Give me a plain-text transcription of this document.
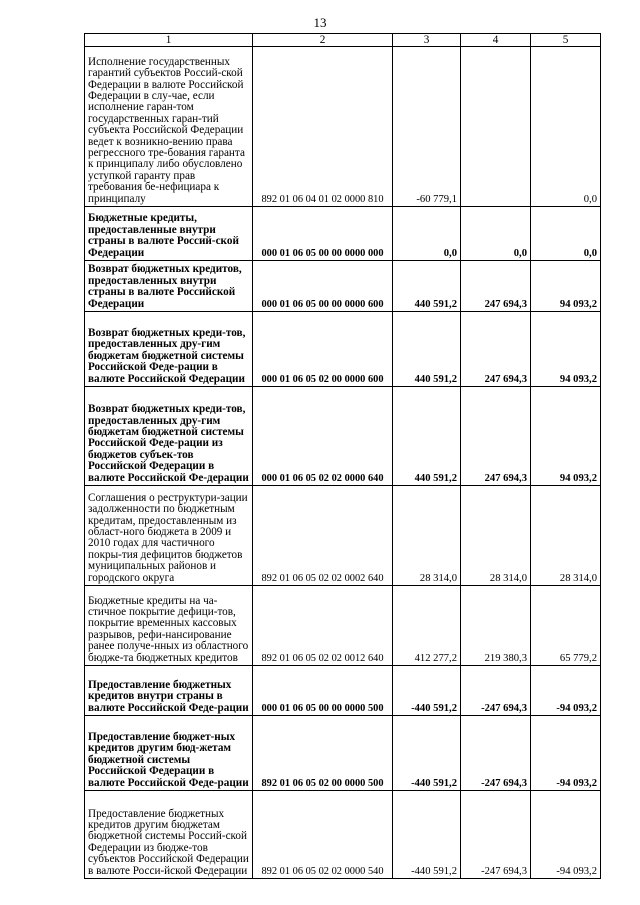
13
1	2	3	4	5
Исполнение государственных гарантий субъектов Россий-ской Федерации в валюте Российской Федерации в слу-чае, если исполнение гаран-том государственных гаран-тий субъекта Российской Федерации ведет к возникно-вению права регрессного тре-бования гаранта к принципалу либо обусловлено уступкой гаранту прав требования бе-нефициара к принципалу	892 01 06 04 01 02 0000 810	-60 779,1		0,0
Бюджетные кредиты, предоставленные внутри страны в валюте Россий-ской Федерации	000 01 06 05 00 00 0000 000	0,0	0,0	0,0
Возврат бюджетных кредитов, предоставленных внутри страны в валюте Российской Федерации	000 01 06 05 00 00 0000 600	440 591,2	247 694,3	94 093,2
Возврат бюджетных креди-тов, предоставленных дру-гим бюджетам бюджетной системы Российской Феде-рации в валюте Российской Федерации	000 01 06 05 02 00 0000 600	440 591,2	247 694,3	94 093,2
Возврат бюджетных креди-тов, предоставленных дру-гим бюджетам бюджетной системы Российской Феде-рации из бюджетов субъек-тов Российской Федерации в валюте Российской Фе-дерации	000 01 06 05 02 02 0000 640	440 591,2	247 694,3	94 093,2
Соглашения о реструктури-зации задолженности по бюджетным кредитам, предоставленным из област-ного бюджета в 2009 и 2010 годах для частичного покры-тия дефицитов бюджетов муниципальных районов и городского округа	892 01 06 05 02 02 0002 640	28 314,0	28 314,0	28 314,0
Бюджетные кредиты на ча-стичное покрытие дефици-тов, покрытие временных кассовых разрывов, рефи-нансирование ранее получе-нных из областного бюдже-та бюджетных кредитов	892 01 06 05 02 02 0012 640	412 277,2	219 380,3	65 779,2
Предоставление бюджетных кредитов внутри страны в валюте Российской Феде-рации	000 01 06 05 00 00 0000 500	-440 591,2	-247 694,3	-94 093,2
Предоставление бюджет-ных кредитов другим бюд-жетам бюджетной системы Российской Федерации в валюте Российской Феде-рации	892 01 06 05 02 00 0000 500	-440 591,2	-247 694,3	-94 093,2
Предоставление бюджетных кредитов другим бюджетам бюджетной системы Россий-ской Федерации из бюдже-тов субъектов Российской Федерации в валюте Росси-йской Федерации	892 01 06 05 02 02 0000 540	-440 591,2	-247 694,3	-94 093,2
